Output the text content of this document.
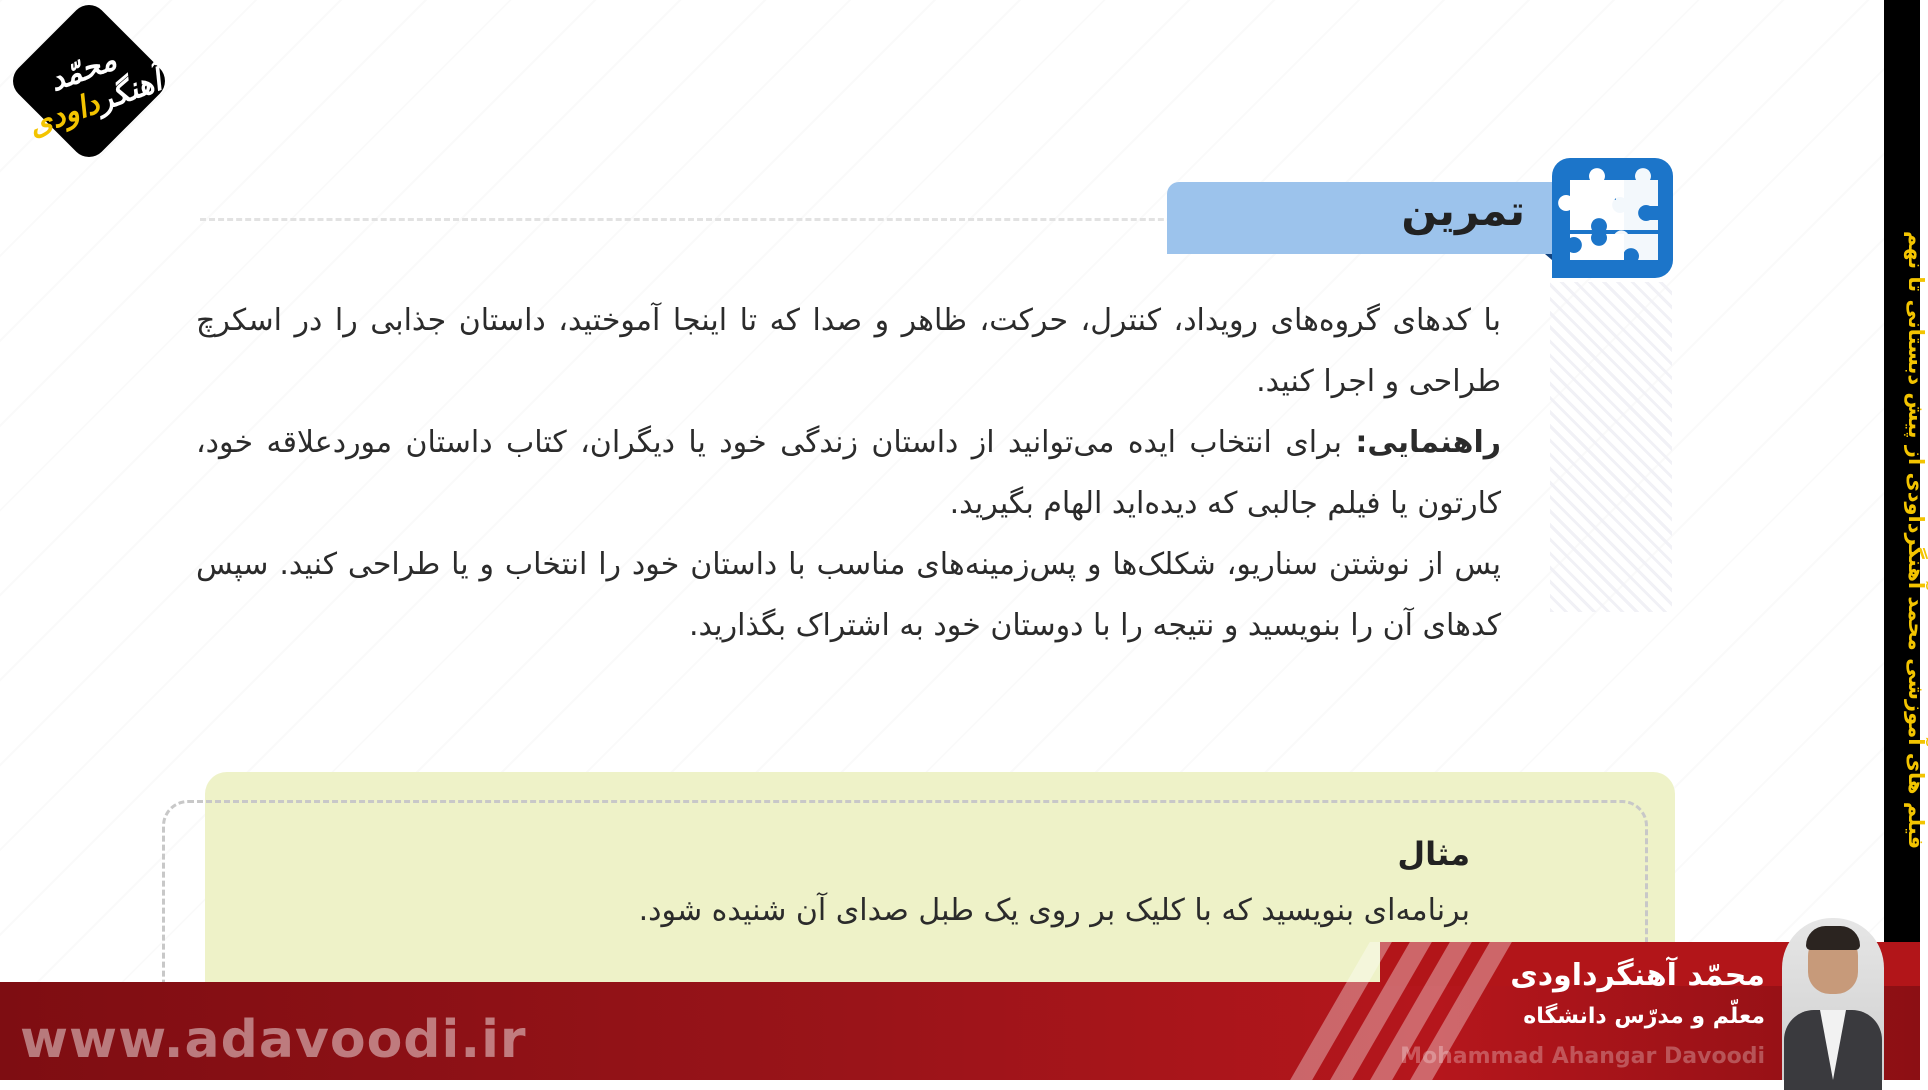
محمّد آهنگرداودی
تمرین

با کدهای گروه‌های رویداد، کنترل، حرکت، ظاهر و صدا که تا اینجا آموختید، داستان جذابی را در اسکرچ طراحی و اجرا کنید.

راهنمایی: برای انتخاب ایده می‌توانید از داستان زندگی خود یا دیگران، کتاب داستان موردعلاقه خود، کارتون یا فیلم جالبی که دیده‌اید الهام بگیرید.

پس از نوشتن سناریو، شکلک‌ها و پس‌زمینه‌های مناسب با داستان خود را انتخاب و یا طراحی کنید. سپس کدهای آن را بنویسید و نتیجه را با دوستان خود به اشتراک بگذارید.

مثال
برنامه‌ای بنویسید که با کلیک بر روی یک طبل صدای آن شنیده شود.
فیلم های آموزشی محمد آهنگرداودی از پیش دبستانی تا نهم
www.adavoodi.ir
محمّد آهنگرداودی
معلّم و مدرّس دانشگاه
Mohammad Ahangar Davoodi
